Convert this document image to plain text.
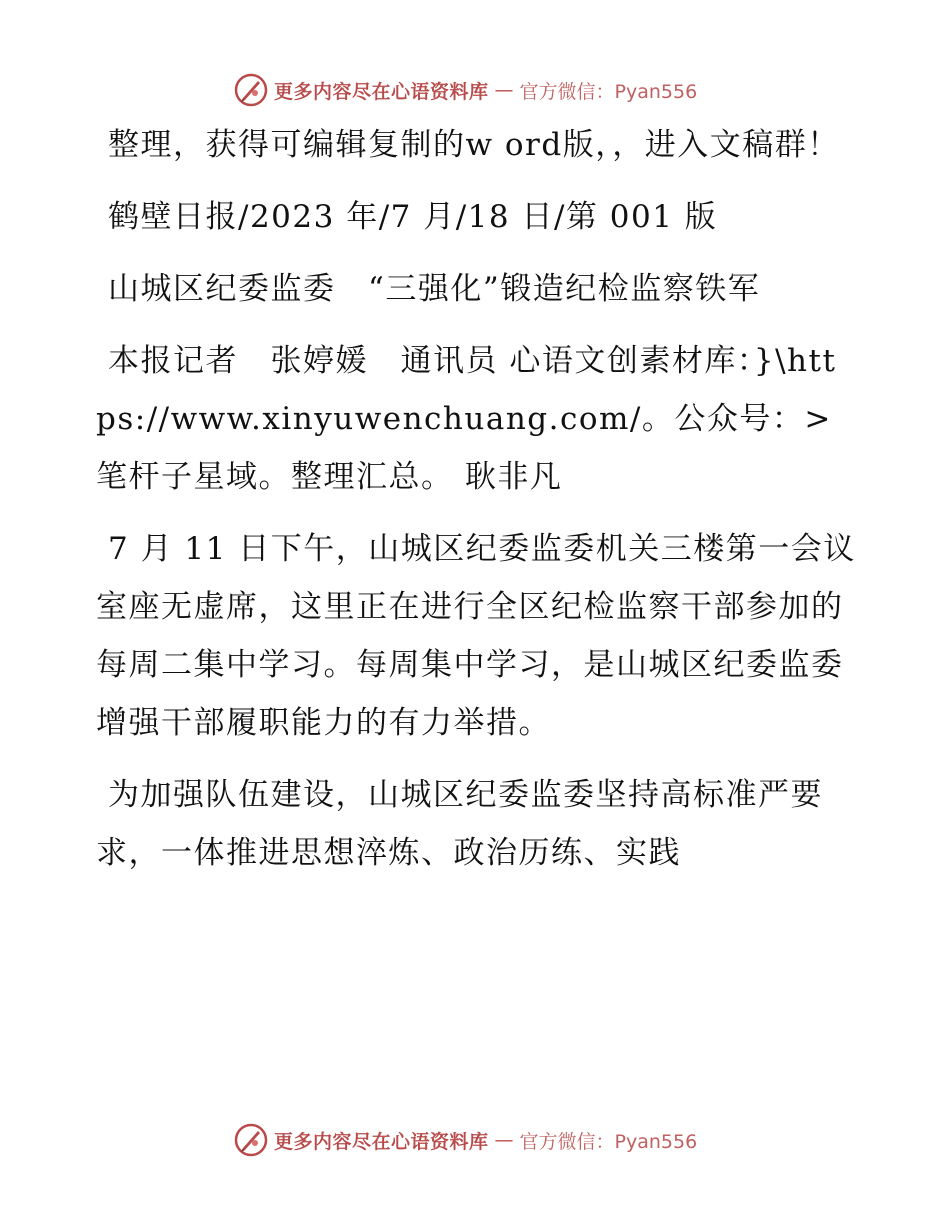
更多内容尽在心语资料库 — 官方微信：Pyan556

整理，获得可编辑复制的w ord版，，进入文稿群！

鹤壁日报/2023 年/7 月/18 日/第 001 版

山城区纪委监委　“三强化”锻造纪检监察铁军

本报记者　张婷媛　通讯员 心语文创素材库：}\https://www.xinyuwenchuang.com/。公众号：>笔杆子星域。整理汇总。 耿非凡

7 月 11 日下午，山城区纪委监委机关三楼第一会议室座无虚席，这里正在进行全区纪检监察干部参加的每周二集中学习。每周集中学习，是山城区纪委监委增强干部履职能力的有力举措。

为加强队伍建设，山城区纪委监委坚持高标准严要求，一体推进思想淬炼、政治历练、实践

更多内容尽在心语资料库 — 官方微信：Pyan556
